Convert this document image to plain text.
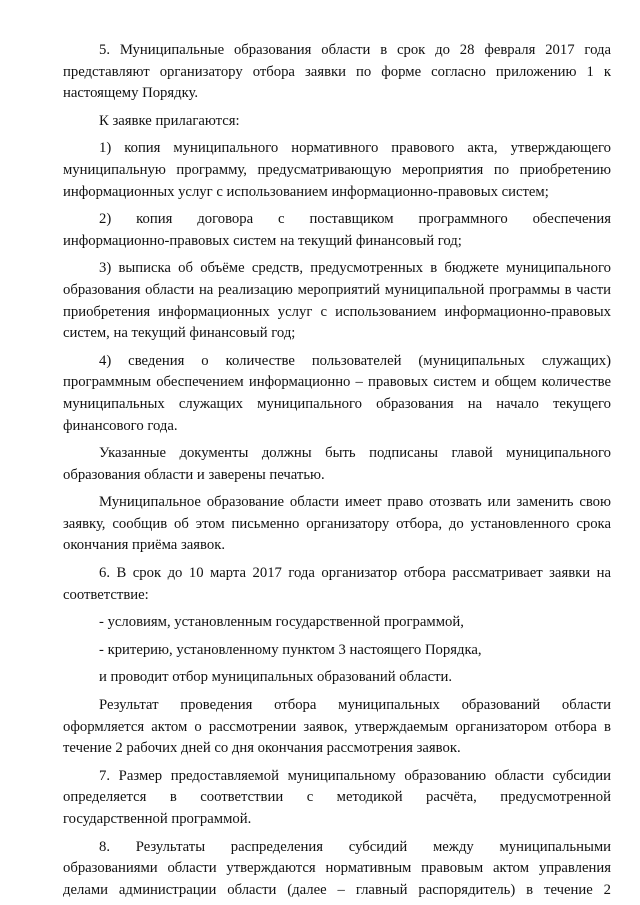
5. Муниципальные образования области в срок до 28 февраля 2017 года представляют организатору отбора заявки по форме согласно приложению 1 к настоящему Порядку.

К заявке прилагаются:

1) копия муниципального нормативного правового акта, утверждающего муниципальную программу, предусматривающую мероприятия по приобретению информационных услуг с использованием информационно-правовых систем;

2) копия договора с поставщиком программного обеспечения
информационно-правовых систем на текущий финансовый год;

3) выписка об объёме средств, предусмотренных в бюджете муниципального образования области на реализацию мероприятий муниципальной программы в части приобретения информационных услуг с использованием информационно-правовых систем, на текущий финансовый год;

4) сведения о количестве пользователей (муниципальных служащих) программным обеспечением информационно – правовых систем и общем количестве муниципальных служащих муниципального образования на начало текущего финансового года.

Указанные документы должны быть подписаны главой муниципального образования области и заверены печатью.

Муниципальное образование области имеет право отозвать или заменить свою заявку, сообщив об этом письменно организатору отбора, до установленного срока окончания приёма заявок.

6. В срок до 10 марта 2017 года организатор отбора рассматривает заявки на соответствие:

- условиям, установленным государственной программой,

- критерию, установленному пунктом 3 настоящего Порядка,

и проводит отбор муниципальных образований области.

Результат проведения отбора муниципальных образований области
оформляется актом о рассмотрении заявок, утверждаемым организатором отбора в течение 2 рабочих дней со дня окончания рассмотрения заявок.

7. Размер предоставляемой муниципальному образованию области субсидии
определяется в соответствии с методикой расчёта, предусмотренной
государственной программой.

8. Результаты распределения субсидий между муниципальными
образованиями области утверждаются нормативным правовым актом управления делами администрации области (далее – главный распорядитель) в течение 2
